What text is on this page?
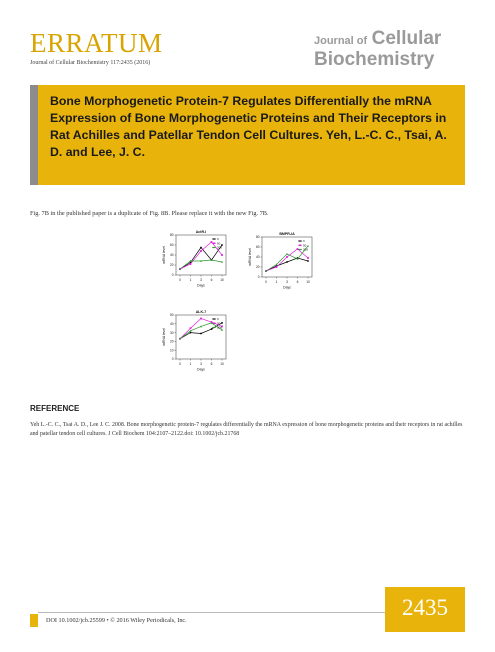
ERRATUM
Journal of Cellular Biochemistry 117:2435 (2016)
Journal of Cellular
Biochemistry
Bone Morphogenetic Protein-7 Regulates Differentially the mRNA Expression of Bone Morphogenetic Proteins and Their Receptors in Rat Achilles and Patellar Tendon Cell Cultures. Yeh, L.-C. C., Tsai, A. D. and Lee, J. C.
Fig. 7B in the published paper is a duplicate of Fig. 8B. Please replace it with the new Fig. 7B.
ActR-I
0
20
40
60
80
0	1	3	6 10
Days
mRNA level
0
50
200
BMPR-IA
0
20
40
60
80
0	1	3	6 10
Days
mRNA level
0
50
200
ALK-7
0
10
20
30
40
50
0	1	3	6 10
Days
mRNA level
0
50
200
REFERENCE
Yeh L.-C. C., Tsai A. D., Lee J. C. 2008. Bone morphogenetic protein-7 regulates differentially the mRNA expression of bone morphogenetic proteins and their receptors in rat achilles and patellar tendon cell cultures. J Cell Biochem 104:2107–2122.doi: 10.1002/jcb.21768
DOI 10.1002/jcb.25599 • © 2016 Wiley Periodicals, Inc.
2435
